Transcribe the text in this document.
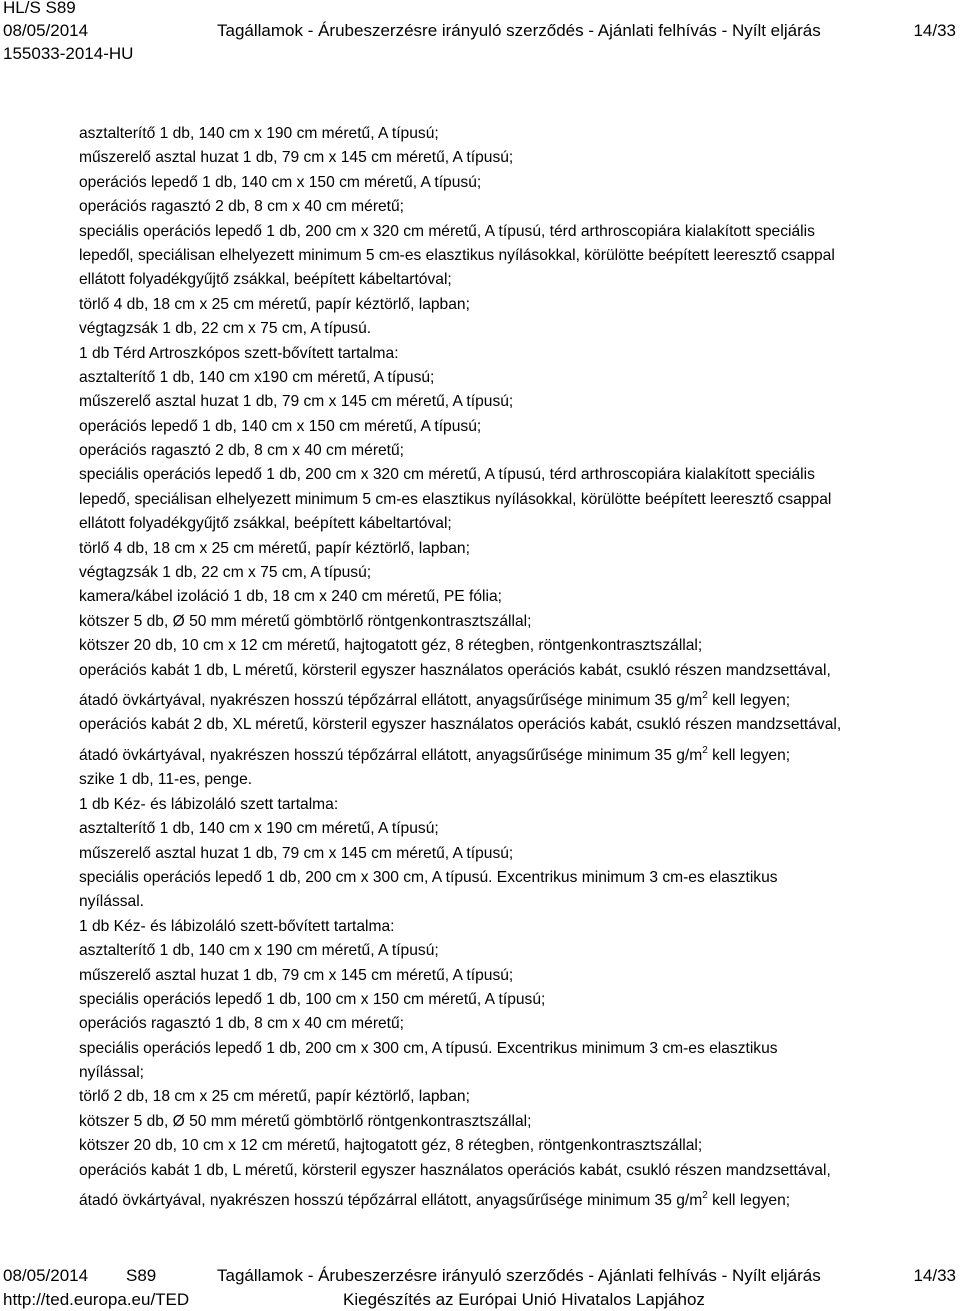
HL/S S89
08/05/2014	Tagállamok - Árubeszerzésre irányuló szerződés - Ajánlati felhívás - Nyílt eljárás	14/33
155033-2014-HU
asztalterítő 1 db, 140 cm x 190 cm méretű, A típusú;
műszerelő asztal huzat 1 db, 79 cm x 145 cm méretű, A típusú;
operációs lepedő 1 db, 140 cm x 150 cm méretű, A típusú;
operációs ragasztó 2 db, 8 cm x 40 cm méretű;
speciális operációs lepedő 1 db, 200 cm x 320 cm méretű, A típusú, térd arthroscopiára kialakított speciális
lepedől, speciálisan elhelyezett minimum 5 cm-es elasztikus nyílásokkal, körülötte beépített leeresztő csappal
ellátott folyadékgyűjtő zsákkal, beépített kábeltartóval;
törlő 4 db, 18 cm x 25 cm méretű, papír kéztörlő, lapban;
végtagzsák 1 db, 22 cm x 75 cm, A típusú.
1 db Térd Artroszkópos szett-bővített tartalma:
asztalterítő 1 db, 140 cm x190 cm méretű, A típusú;
műszerelő asztal huzat 1 db, 79 cm x 145 cm méretű, A típusú;
operációs lepedő 1 db, 140 cm x 150 cm méretű, A típusú;
operációs ragasztó 2 db, 8 cm x 40 cm méretű;
speciális operációs lepedő 1 db, 200 cm x 320 cm méretű, A típusú, térd arthroscopiára kialakított speciális
lepedő, speciálisan elhelyezett minimum 5 cm-es elasztikus nyílásokkal, körülötte beépített leeresztő csappal
ellátott folyadékgyűjtő zsákkal, beépített kábeltartóval;
törlő 4 db, 18 cm x 25 cm méretű, papír kéztörlő, lapban;
végtagzsák 1 db, 22 cm x 75 cm, A típusú;
kamera/kábel izoláció 1 db, 18 cm x 240 cm méretű, PE fólia;
kötszer 5 db, Ø 50 mm méretű gömbtörlő röntgenkontrasztszállal;
kötszer 20 db, 10 cm x 12 cm méretű, hajtogatott géz, 8 rétegben, röntgenkontrasztszállal;
operációs kabát 1 db, L méretű, körsteril egyszer használatos operációs kabát, csukló részen mandzsettával,
átadó övkártyával, nyakrészen hosszú tépőzárral ellátott, anyagsűrűsége minimum 35 $g/m^2$ kell legyen;
operációs kabát 2 db, XL méretű, körsteril egyszer használatos operációs kabát, csukló részen mandzsettával,
átadó övkártyával, nyakrészen hosszú tépőzárral ellátott, anyagsűrűsége minimum 35 $g/m^2$ kell legyen;
szike 1 db, 11-es, penge.
1 db Kéz- és lábizoláló szett tartalma:
asztalterítő 1 db, 140 cm x 190 cm méretű, A típusú;
műszerelő asztal huzat 1 db, 79 cm x 145 cm méretű, A típusú;
speciális operációs lepedő 1 db, 200 cm x 300 cm, A típusú. Excentrikus minimum 3 cm-es elasztikus
nyílással.
1 db Kéz- és lábizoláló szett-bővített tartalma:
asztalterítő 1 db, 140 cm x 190 cm méretű, A típusú;
műszerelő asztal huzat 1 db, 79 cm x 145 cm méretű, A típusú;
speciális operációs lepedő 1 db, 100 cm x 150 cm méretű, A típusú;
operációs ragasztó 1 db, 8 cm x 40 cm méretű;
speciális operációs lepedő 1 db, 200 cm x 300 cm, A típusú. Excentrikus minimum 3 cm-es elasztikus
nyílással;
törlő 2 db, 18 cm x 25 cm méretű, papír kéztörlő, lapban;
kötszer 5 db, Ø 50 mm méretű gömbtörlő röntgenkontrasztszállal;
kötszer 20 db, 10 cm x 12 cm méretű, hajtogatott géz, 8 rétegben, röntgenkontrasztszállal;
operációs kabát 1 db, L méretű, körsteril egyszer használatos operációs kabát, csukló részen mandzsettával,
átadó övkártyával, nyakrészen hosszú tépőzárral ellátott, anyagsűrűsége minimum 35 $g/m^2$ kell legyen;
08/05/2014 S89	Tagállamok - Árubeszerzésre irányuló szerződés - Ajánlati felhívás - Nyílt eljárás	14/33
http://ted.europa.eu/TED	Kiegészítés az Európai Unió Hivatalos Lapjához
